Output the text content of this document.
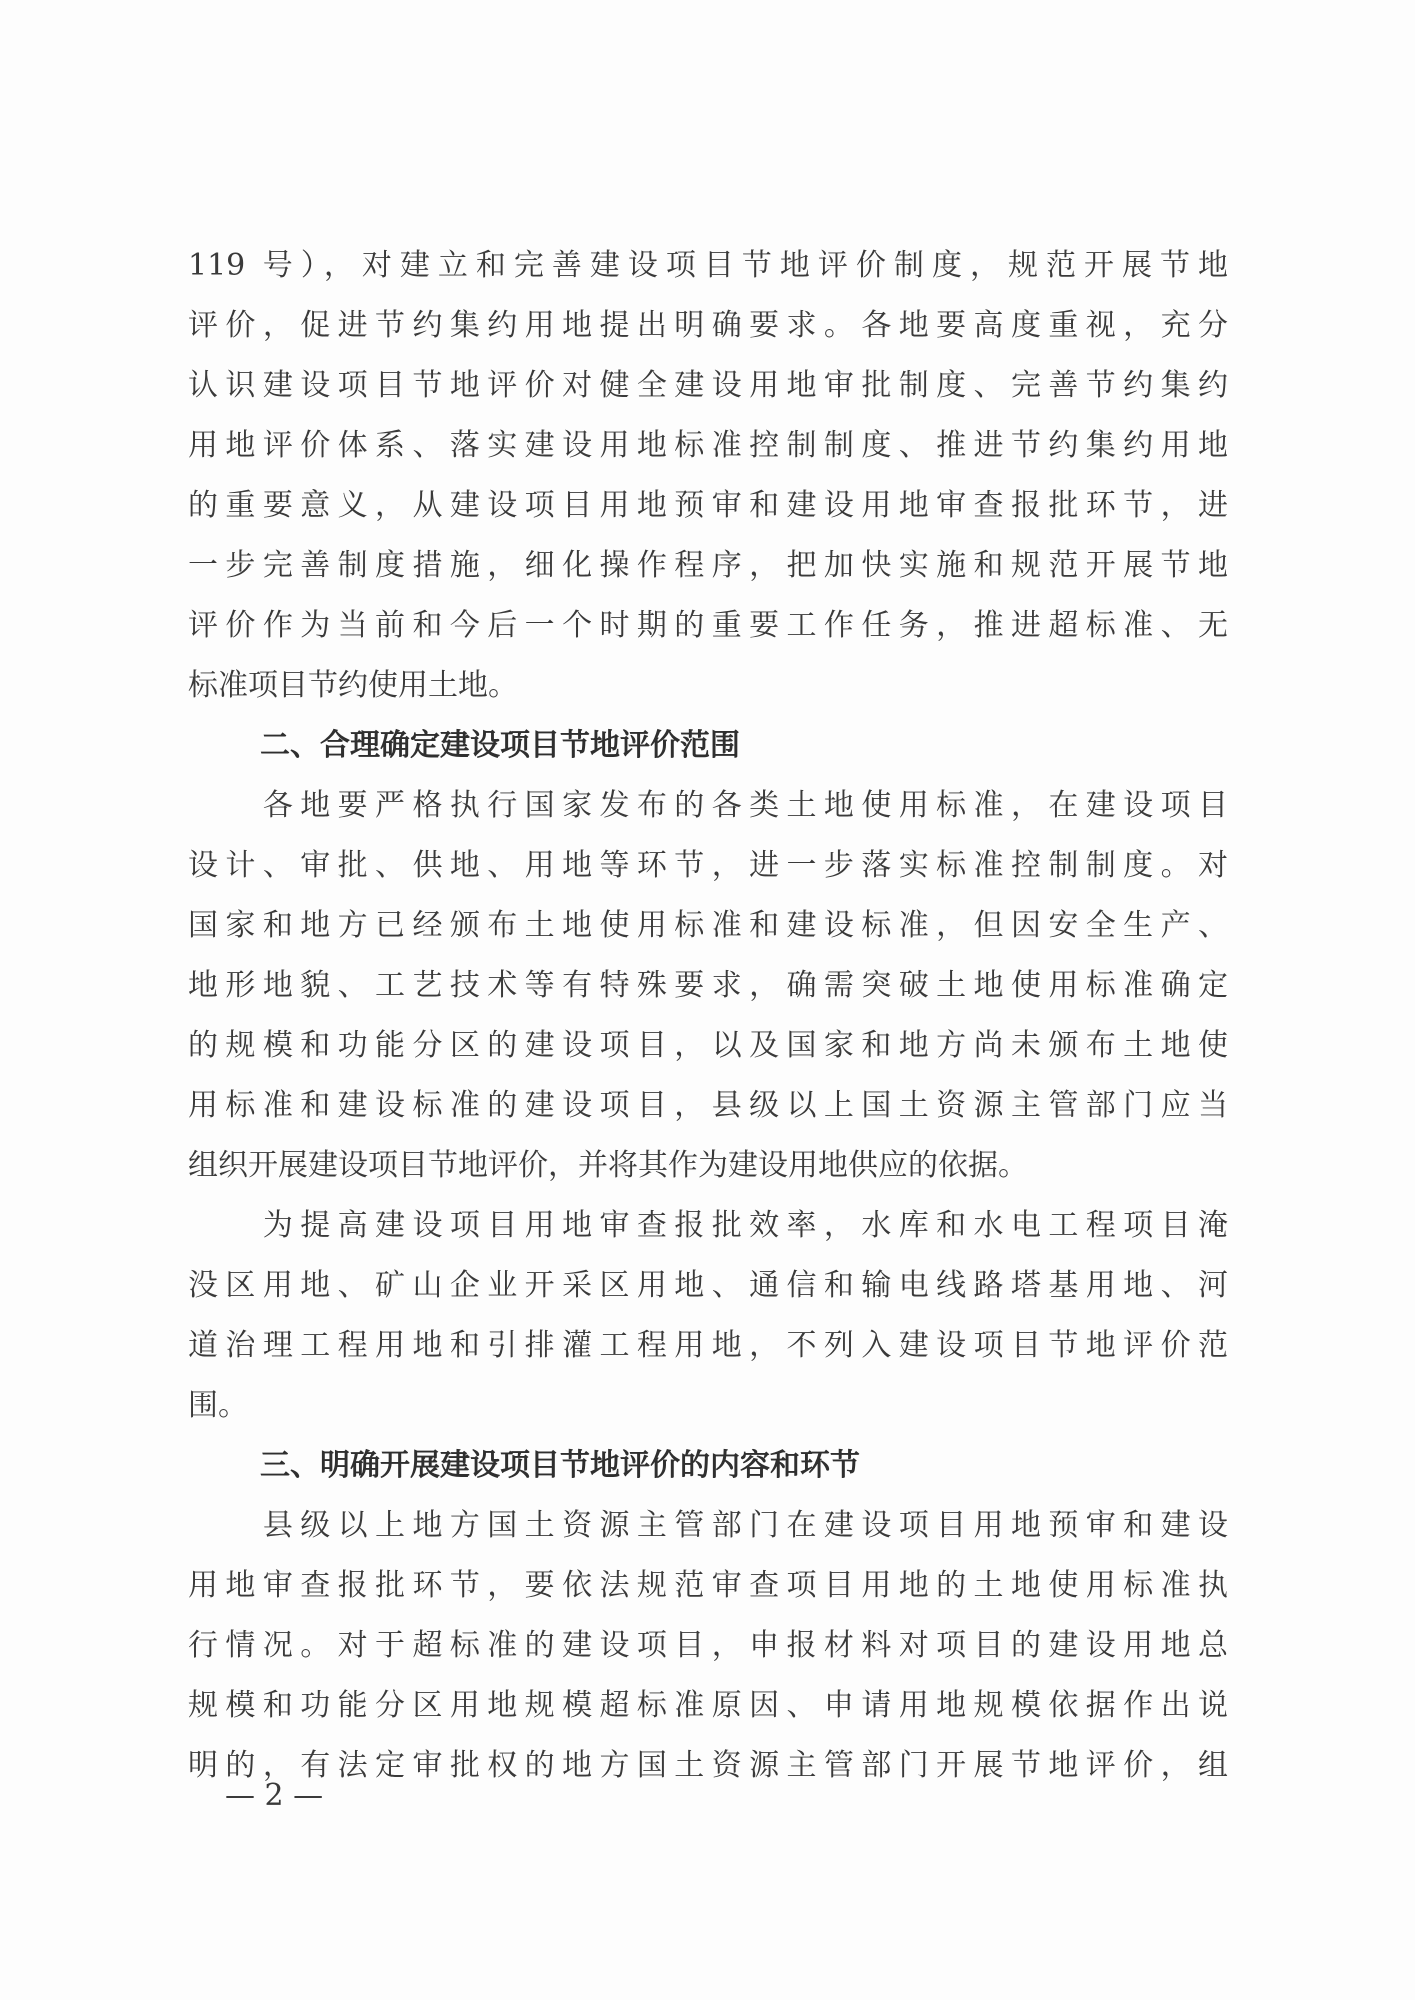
119 号），对建立和完善建设项目节地评价制度，规范开展节地
评价，促进节约集约用地提出明确要求。各地要高度重视，充分
认识建设项目节地评价对健全建设用地审批制度、完善节约集约
用地评价体系、落实建设用地标准控制制度、推进节约集约用地
的重要意义，从建设项目用地预审和建设用地审查报批环节，进
一步完善制度措施，细化操作程序，把加快实施和规范开展节地
评价作为当前和今后一个时期的重要工作任务，推进超标准、无
标准项目节约使用土地。
二、合理确定建设项目节地评价范围
　　各地要严格执行国家发布的各类土地使用标准，在建设项目
设计、审批、供地、用地等环节，进一步落实标准控制制度。对
国家和地方已经颁布土地使用标准和建设标准，但因安全生产、
地形地貌、工艺技术等有特殊要求，确需突破土地使用标准确定
的规模和功能分区的建设项目，以及国家和地方尚未颁布土地使
用标准和建设标准的建设项目，县级以上国土资源主管部门应当
组织开展建设项目节地评价，并将其作为建设用地供应的依据。
　　为提高建设项目用地审查报批效率，水库和水电工程项目淹
没区用地、矿山企业开采区用地、通信和输电线路塔基用地、河
道治理工程用地和引排灌工程用地，不列入建设项目节地评价范
围。
三、明确开展建设项目节地评价的内容和环节
　　县级以上地方国土资源主管部门在建设项目用地预审和建设
用地审查报批环节，要依法规范审查项目用地的土地使用标准执
行情况。对于超标准的建设项目，申报材料对项目的建设用地总
规模和功能分区用地规模超标准原因、申请用地规模依据作出说
明的，有法定审批权的地方国土资源主管部门开展节地评价，组
— 2 —
